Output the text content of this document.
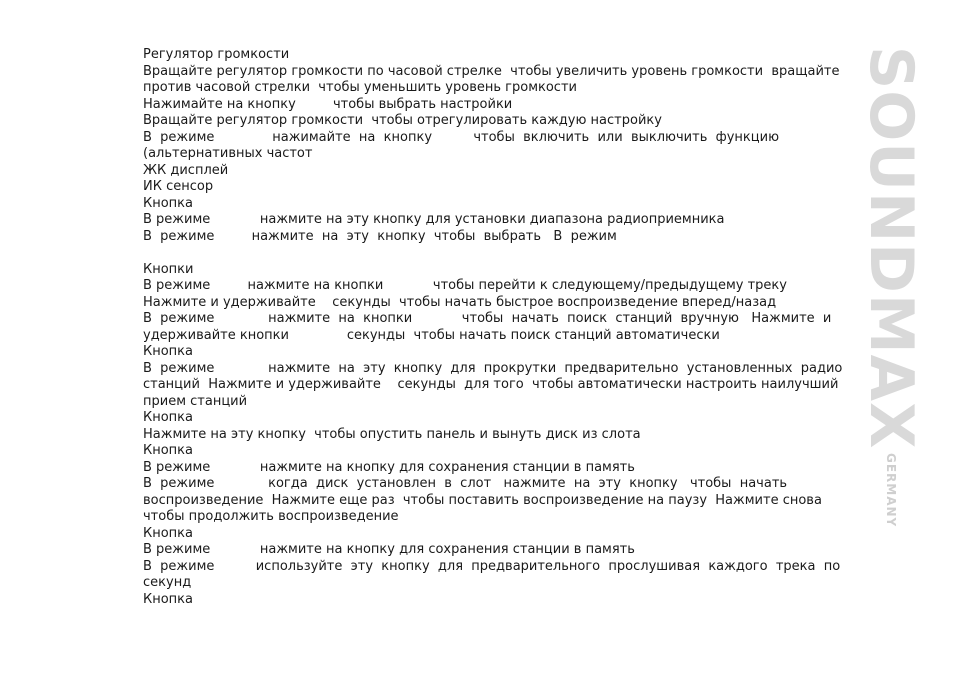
Регулятор громкости
Вращайте регулятор громкости по часовой стрелке  чтобы увеличить уровень громкости  вращайте
против часовой стрелки  чтобы уменьшить уровень громкости
Нажимайте на кнопку         чтобы выбрать настройки
Вращайте регулятор громкости  чтобы отрегулировать каждую настройку
В  режиме              нажимайте  на  кнопку          чтобы  включить  или  выключить  функцию
(альтернативных частот
ЖК дисплей
ИК сенсор
Кнопка
В режиме            нажмите на эту кнопку для установки диапазона радиоприемника
В  режиме         нажмите  на  эту  кнопку  чтобы  выбрать   В  режим
Кнопки
В режиме         нажмите на кнопки            чтобы перейти к следующему/предыдущему треку
Нажмите и удерживайте    секунды  чтобы начать быстрое воспроизведение вперед/назад
В  режиме             нажмите  на  кнопки            чтобы  начать  поиск  станций  вручную   Нажмите  и
удерживайте кнопки              секунды  чтобы начать поиск станций автоматически
Кнопка
В  режиме             нажмите  на  эту  кнопку  для  прокрутки  предварительно  установленных  радио
станций  Нажмите и удерживайте    секунды  для того  чтобы автоматически настроить наилучший
прием станций
Кнопка
Нажмите на эту кнопку  чтобы опустить панель и вынуть диск из слота
Кнопка
В режиме            нажмите на кнопку для сохранения станции в память
В  режиме             когда  диск  установлен  в  слот   нажмите  на  эту  кнопку   чтобы  начать
воспроизведение  Нажмите еще раз  чтобы поставить воспроизведение на паузу  Нажмите снова
чтобы продолжить воспроизведение
Кнопка
В режиме            нажмите на кнопку для сохранения станции в память
В  режиме          используйте  эту  кнопку  для  предварительного  прослушивая  каждого  трека  по
секунд
Кнопка
SOUNDMAX
GERMANY
